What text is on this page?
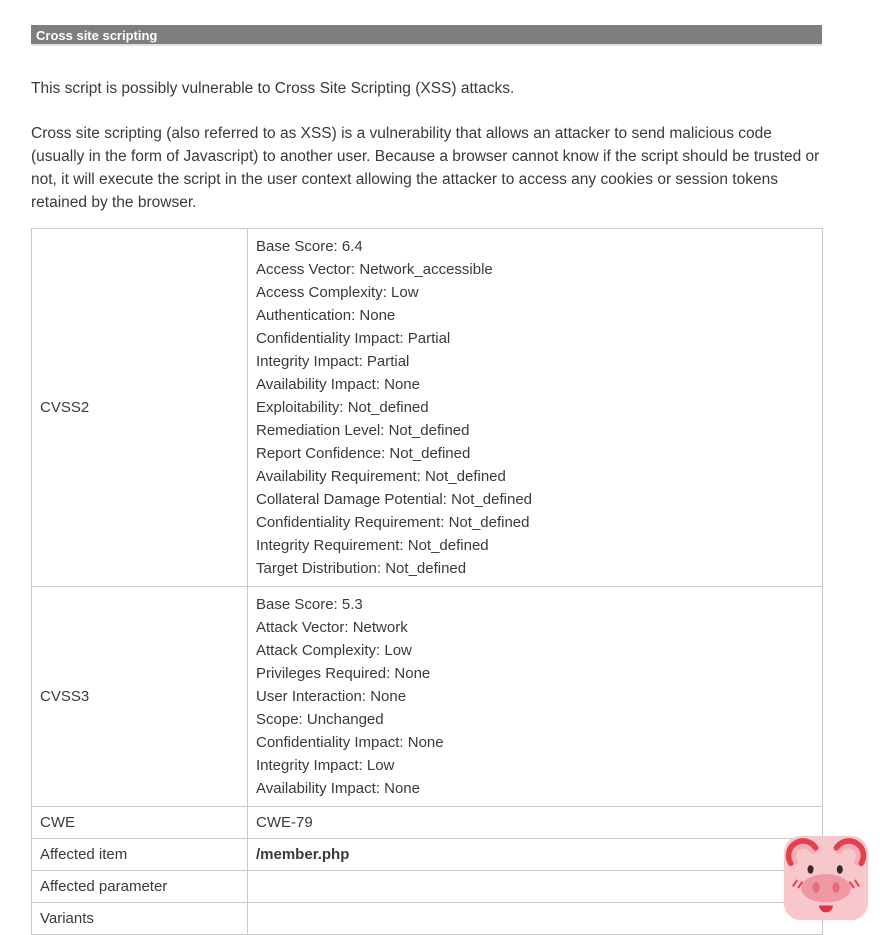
Cross site scripting

This script is possibly vulnerable to Cross Site Scripting (XSS) attacks.

Cross site scripting (also referred to as XSS) is a vulnerability that allows an attacker to send malicious code (usually in the form of Javascript) to another user. Because a browser cannot know if the script should be trusted or not, it will execute the script in the user context allowing the attacker to access any cookies or session tokens retained by the browser.

CVSS2	
Base Score: 6.4
Access Vector: Network_accessible
Access Complexity: Low
Authentication: None
Confidentiality Impact: Partial
Integrity Impact: Partial
Availability Impact: None
Exploitability: Not_defined
Remediation Level: Not_defined
Report Confidence: Not_defined
Availability Requirement: Not_defined
Collateral Damage Potential: Not_defined
Confidentiality Requirement: Not_defined
Integrity Requirement: Not_defined
Target Distribution: Not_defined

CVSS3	
Base Score: 5.3
Attack Vector: Network
Attack Complexity: Low
Privileges Required: None
User Interaction: None
Scope: Unchanged
Confidentiality Impact: None
Integrity Impact: Low
Availability Impact: None

CWE	CWE-79
Affected item	/member.php
Affected parameter	
Variants	
